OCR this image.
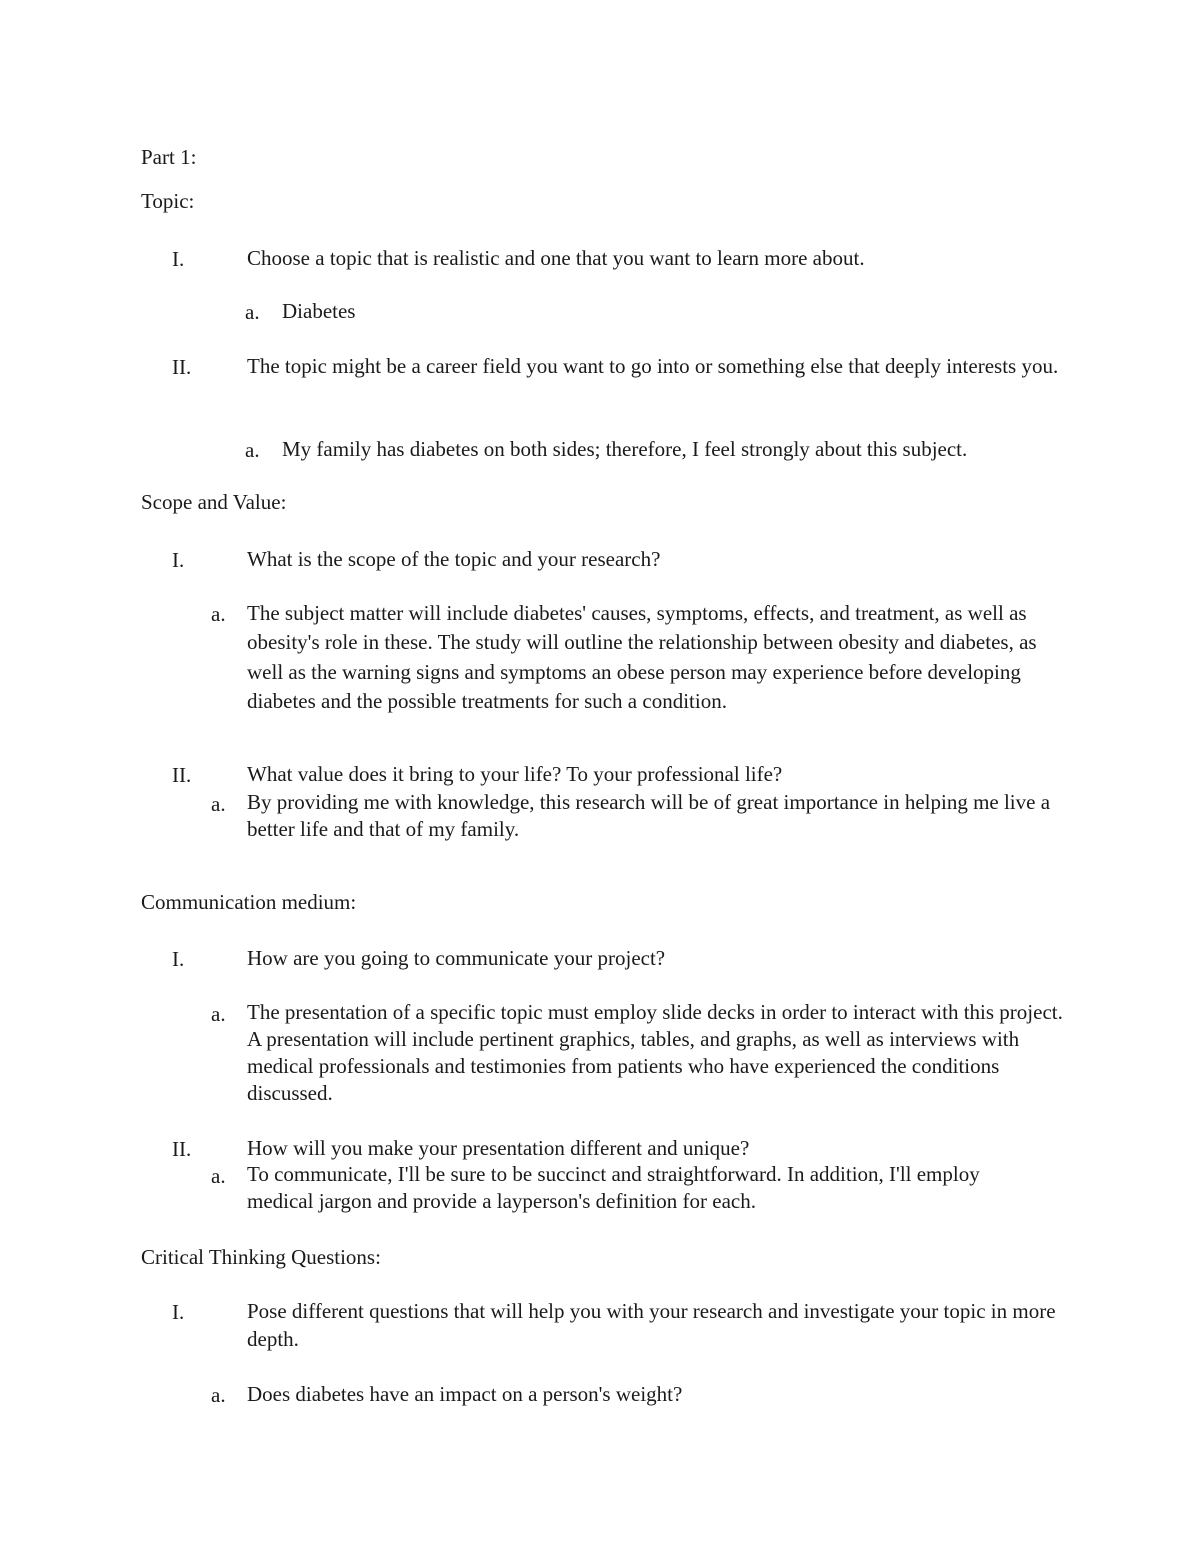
Part 1:
Topic:
I.	Choose a topic that is realistic and one that you want to learn more about.
a. Diabetes
II.	The topic might be a career field you want to go into or something else that deeply interests you.
a. My family has diabetes on both sides; therefore, I feel strongly about this subject.
Scope and Value:
I.	What is the scope of the topic and your research?
a. The subject matter will include diabetes' causes, symptoms, effects, and treatment, as well as obesity's role in these. The study will outline the relationship between obesity and diabetes, as well as the warning signs and symptoms an obese person may experience before developing diabetes and the possible treatments for such a condition.
II.	What value does it bring to your life? To your professional life?
a. By providing me with knowledge, this research will be of great importance in helping me live a better life and that of my family.
Communication medium:
I.	How are you going to communicate your project?
a. The presentation of a specific topic must employ slide decks in order to interact with this project. A presentation will include pertinent graphics, tables, and graphs, as well as interviews with medical professionals and testimonies from patients who have experienced the conditions discussed.
II.	How will you make your presentation different and unique?
a. To communicate, I'll be sure to be succinct and straightforward. In addition, I'll employ medical jargon and provide a layperson's definition for each.
Critical Thinking Questions:
I.	Pose different questions that will help you with your research and investigate your topic in more depth.
a. Does diabetes have an impact on a person's weight?
